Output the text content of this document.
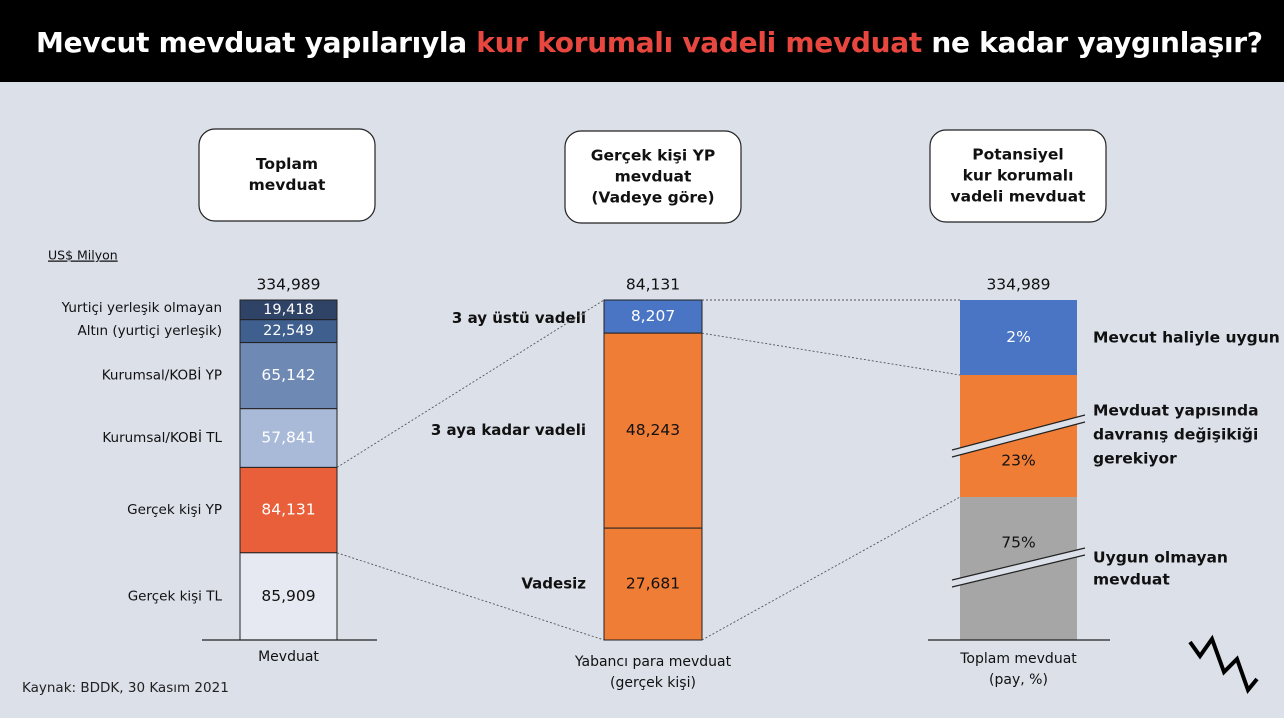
Mevcut mevduat yapılarıyla kur korumalı vadeli mevduat ne kadar yaygınlaşır?
Toplam
mevduat
US$ Milyon
334,989
19,418
Yurtiçi yerleşik olmayan
22,549
Altın (yurtiçi yerleşik)
65,142
Kurumsal/KOBİ YP
57,841
Kurumsal/KOBİ TL
84,131
Gerçek kişi YP
85,909
Gerçek kişi TL
Mevduat
Gerçek kişi YP
mevduat
(Vadeye göre)
84,131
8,207
3 ay üstü vadeli
48,243
3 aya kadar vadeli
27,681
Vadesiz
Yabancı para mevduat
(gerçek kişi)
Potansiyel
kur korumalı
vadeli mevduat
334,989
2%
23%
75%
Toplam mevduat
(pay, %)
Mevcut haliyle uygun
Mevduat yapısında
davranış değişikiği
gerekiyor
Uygun olmayan
mevduat
Kaynak: BDDK, 30 Kasım 2021
